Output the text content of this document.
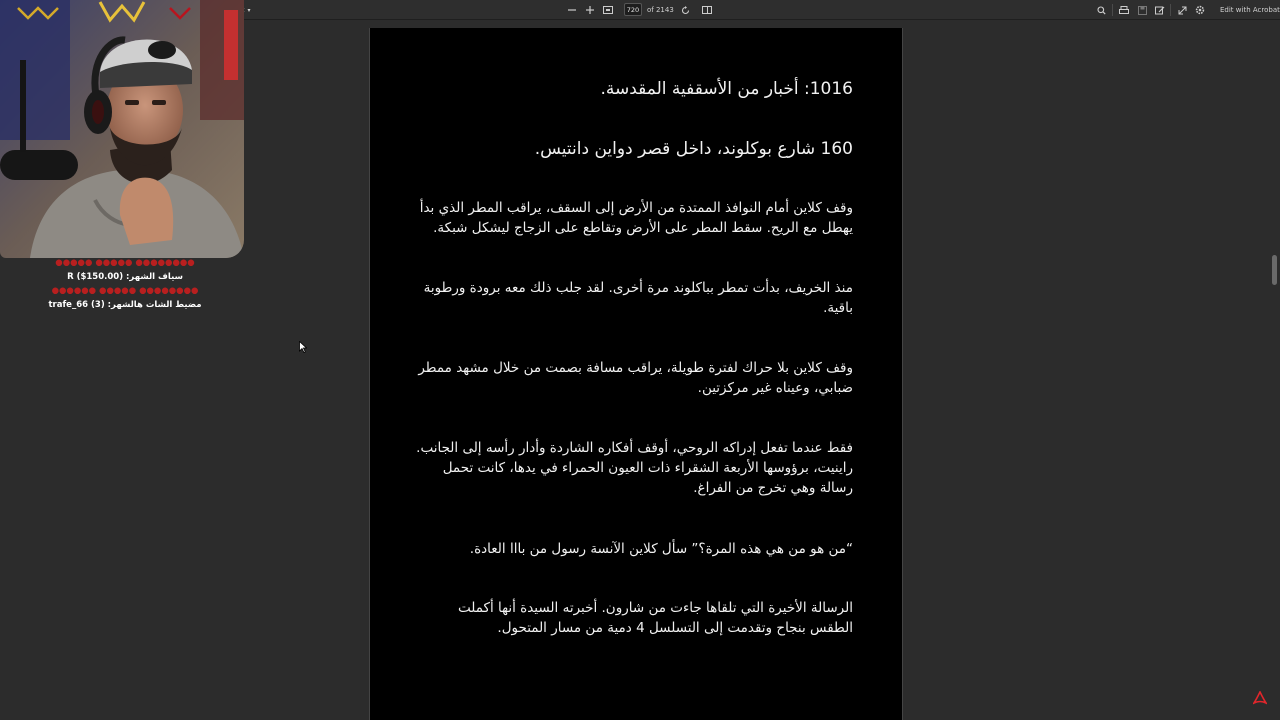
▾	720	of 2143	Edit with Acrobat
1016: أخبار من الأسقفية المقدسة.
160 شارع بوكلوند، داخل قصر دواين دانتيس.
وقف كلاين أمام النوافذ الممتدة من الأرض إلى السقف، يراقب المطر الذي بدأ يهطل مع الريح. سقط المطر على الأرض وتقاطع على الزجاج ليشكل شبكة.
منذ الخريف، بدأت تمطر بباكلوند مرة أخرى. لقد جلب ذلك معه برودة ورطوبة باقية.
وقف كلاين بلا حراك لفترة طويلة، يراقب مسافة بصمت من خلال مشهد ممطر ضبابي، وعيناه غير مركزتين.
فقط عندما تفعل إدراكه الروحي، أوقف أفكاره الشاردة وأدار رأسه إلى الجانب. راينيت، برؤوسها الأربعة الشقراء ذات العيون الحمراء في يدها، كانت تحمل رسالة وهي تخرج من الفراغ.
“من هو من هي هذه المرة؟” سأل كلاين الآنسة رسول من بااا العادة.
الرسالة الأخيرة التي تلقاها جاءت من شارون. أخبرته السيدة أنها أكملت الطقس بنجاح وتقدمت إلى التسلسل 4 دمية من مسار المتحول.
●●●●●●●● ●●●●● ●●●●●
سياف الشهر: (150.00$) R
●●●●●●●● ●●●●● ●●●●●●
مضيط الشات هالشهر: (3) trafe_66
